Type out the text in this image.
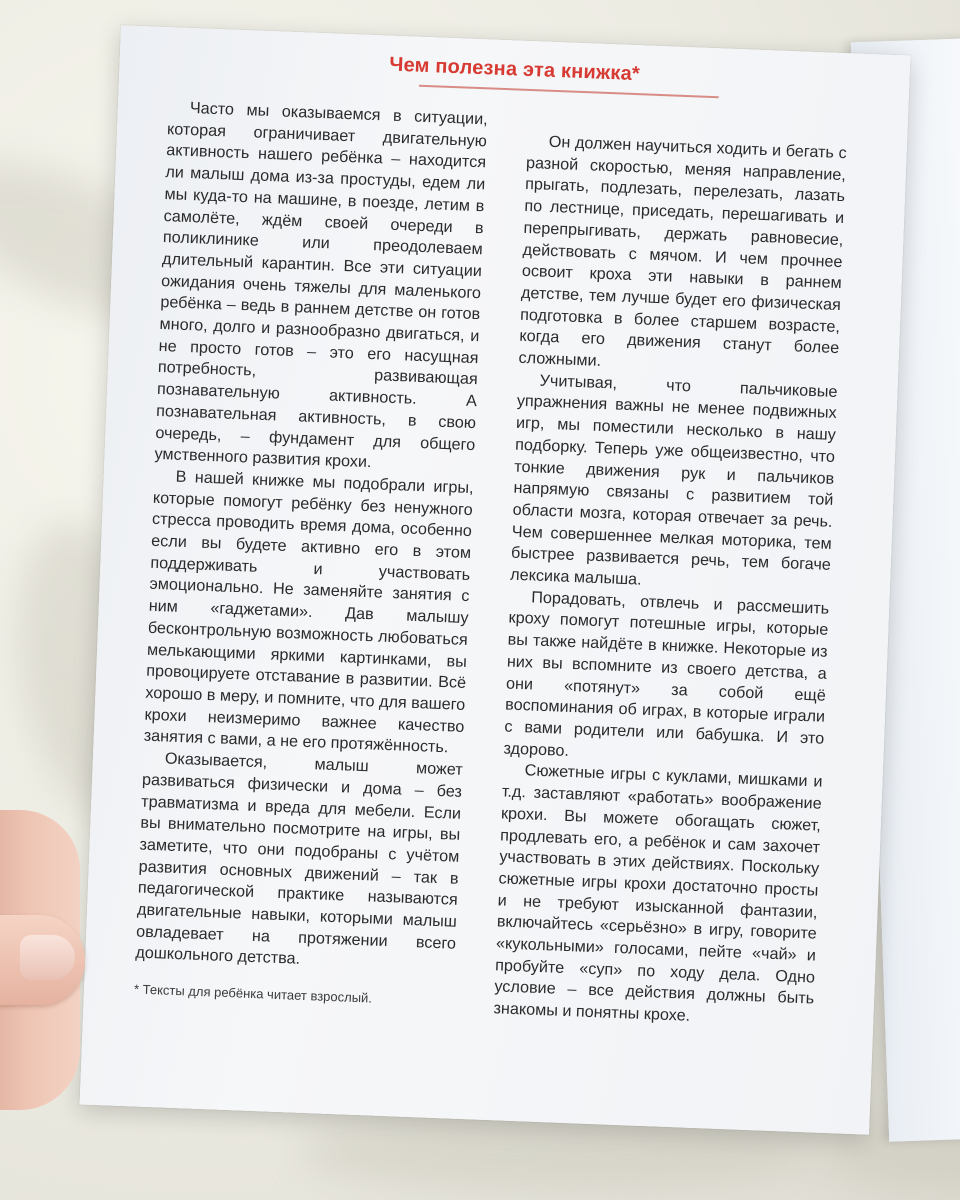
Чем полезна эта книжка*

Часто мы оказываемся в ситуации, которая ограничивает двигательную активность нашего ребёнка – находится ли малыш дома из-за простуды, едем ли мы куда-то на машине, в поезде, летим в самолёте, ждём своей очереди в поликлинике или преодолеваем длительный карантин. Все эти ситуации ожидания очень тяжелы для маленького ребёнка – ведь в раннем детстве он готов много, долго и разнообразно двигаться, и не просто готов – это его насущная потребность, развивающая познавательную активность. А познавательная активность, в свою очередь, – фундамент для общего умственного развития крохи.

В нашей книжке мы подобрали игры, которые помогут ребёнку без ненужного стресса проводить время дома, особенно если вы будете активно его в этом поддерживать и участвовать эмоционально. Не заменяйте занятия с ним «гаджетами». Дав малышу бесконтрольную возможность любоваться мелькающими яркими картинками, вы провоцируете отставание в развитии. Всё хорошо в меру, и помните, что для вашего крохи неизмеримо важнее качество занятия с вами, а не его протяжённость.

Оказывается, малыш может развиваться физически и дома – без травматизма и вреда для мебели. Если вы внимательно посмотрите на игры, вы заметите, что они подобраны с учётом развития основных движений – так в педагогической практике называются двигательные навыки, которыми малыш овладевает на протяжении всего дошкольного детства.

Он должен научиться ходить и бегать с разной скоростью, меняя направление, прыгать, подлезать, перелезать, лазать по лестнице, приседать, перешагивать и перепрыгивать, держать равновесие, действовать с мячом. И чем прочнее освоит кроха эти навыки в раннем детстве, тем лучше будет его физическая подготовка в более старшем возрасте, когда его движения станут более сложными.

Учитывая, что пальчиковые упражнения важны не менее подвижных игр, мы поместили несколько в нашу подборку. Теперь уже общеизвестно, что тонкие движения рук и пальчиков напрямую связаны с развитием той области мозга, которая отвечает за речь. Чем совершеннее мелкая моторика, тем быстрее развивается речь, тем богаче лексика малыша.

Порадовать, отвлечь и рассмешить кроху помогут потешные игры, которые вы также найдёте в книжке. Некоторые из них вы вспомните из своего детства, а они «потянут» за собой ещё воспоминания об играх, в которые играли с вами родители или бабушка. И это здорово.

Сюжетные игры с куклами, мишками и т.д. заставляют «работать» воображение крохи. Вы можете обогащать сюжет, продлевать его, а ребёнок и сам захочет участвовать в этих действиях. Поскольку сюжетные игры крохи достаточно просты и не требуют изысканной фантазии, включайтесь «серьёзно» в игру, говорите «кукольными» голосами, пейте «чай» и пробуйте «суп» по ходу дела. Одно условие – все действия должны быть знакомы и понятны крохе.

* Тексты для ребёнка читает взрослый.
